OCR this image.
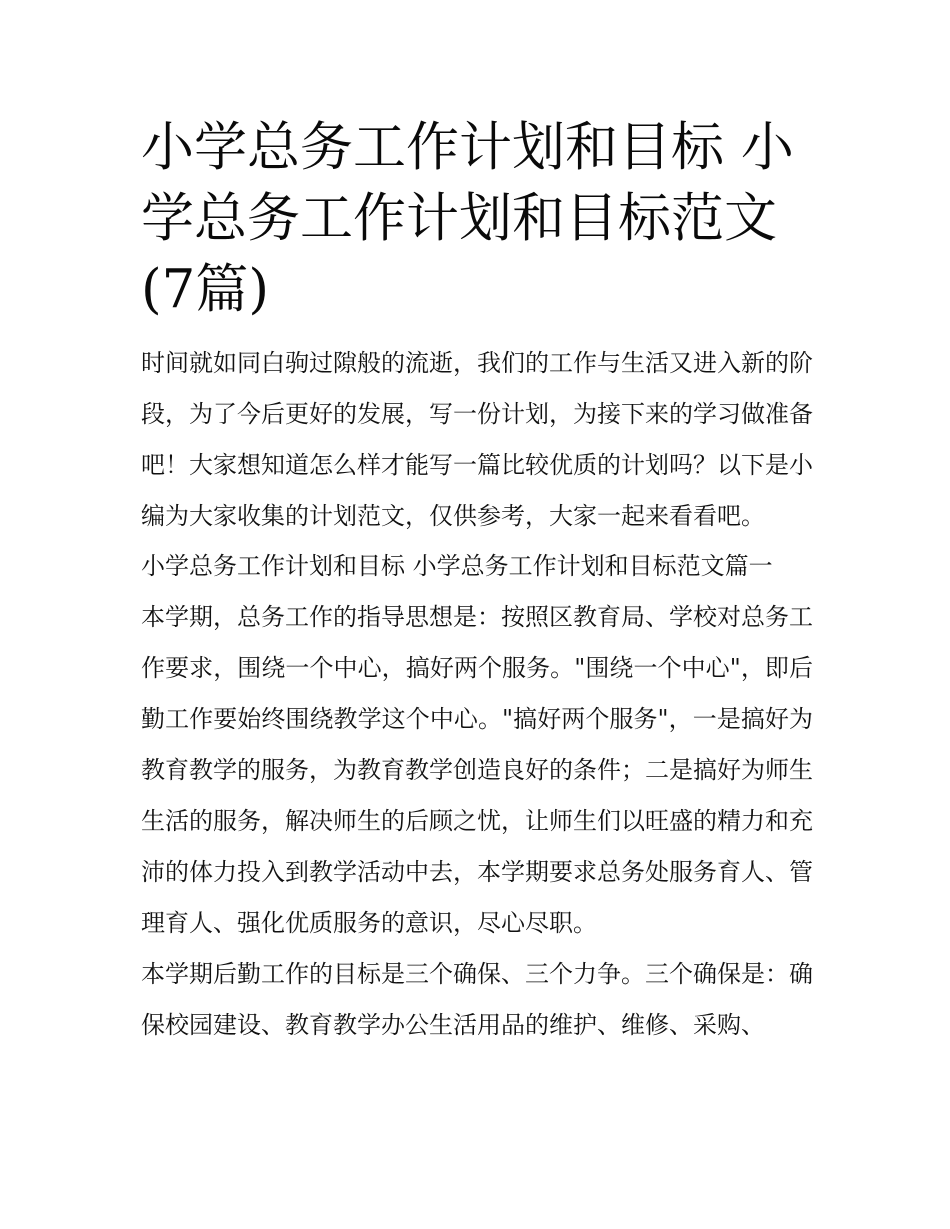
小学总务工作计划和目标 小学总务工作计划和目标范文(7篇)

时间就如同白驹过隙般的流逝，我们的工作与生活又进入新的阶段，为了今后更好的发展，写一份计划，为接下来的学习做准备吧！大家想知道怎么样才能写一篇比较优质的计划吗？以下是小编为大家收集的计划范文，仅供参考，大家一起来看看吧。

小学总务工作计划和目标 小学总务工作计划和目标范文篇一

本学期，总务工作的指导思想是：按照区教育局、学校对总务工作要求，围绕一个中心，搞好两个服务。"围绕一个中心"，即后勤工作要始终围绕教学这个中心。"搞好两个服务"，一是搞好为教育教学的服务，为教育教学创造良好的条件；二是搞好为师生生活的服务，解决师生的后顾之忧，让师生们以旺盛的精力和充沛的体力投入到教学活动中去，本学期要求总务处服务育人、管理育人、强化优质服务的意识，尽心尽职。

本学期后勤工作的目标是三个确保、三个力争。三个确保是：确保校园建设、教育教学办公生活用品的维护、维修、采购、
